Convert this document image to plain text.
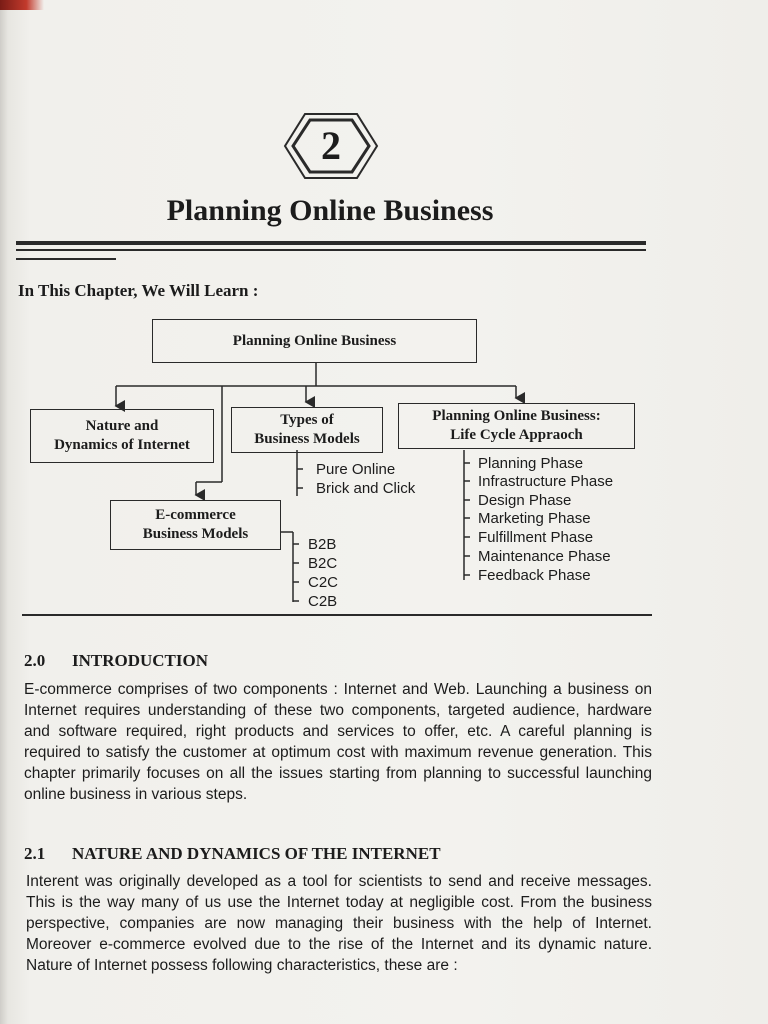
2
Planning Online Business
In This Chapter, We Will Learn :
Planning Online Business
Nature and
Dynamics of Internet
Types of
Business Models
Planning Online Business:
Life Cycle Appraoch
E-commerce
Business Models
Pure Online
Brick and Click
Planning Phase
Infrastructure Phase
Design Phase
Marketing Phase
Fulfillment Phase
Maintenance Phase
Feedback Phase
B2B
B2C
C2C
C2B
2.0 INTRODUCTION

E-commerce comprises of two components : Internet and Web. Launching a business on Internet requires understanding of these two components, targeted audience, hardware and software required, right products and services to offer, etc. A careful planning is required to satisfy the customer at optimum cost with maximum revenue generation. This chapter primarily focuses on all the issues starting from planning to successful launching online business in various steps.

2.1 NATURE AND DYNAMICS OF THE INTERNET

Interent was originally developed as a tool for scientists to send and receive messages. This is the way many of us use the Internet today at negligible cost. From the business perspective, companies are now managing their business with the help of Internet. Moreover e-commerce evolved due to the rise of the Internet and its dynamic nature. Nature of Internet possess following characteristics, these are :
